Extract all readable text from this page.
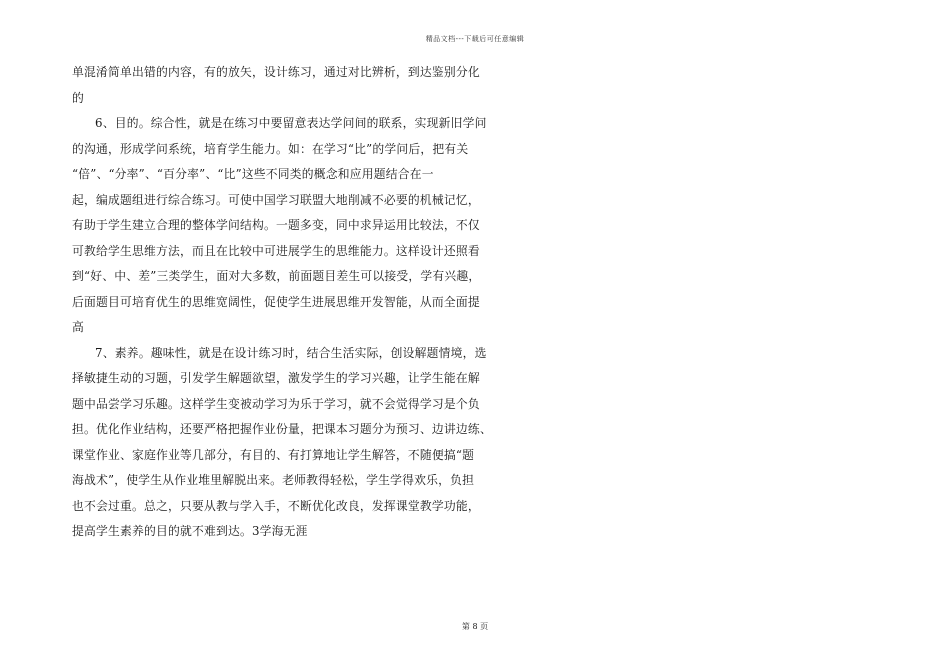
精品文档---下载后可任意编辑
单混淆简单出错的内容，有的放矢，设计练习，通过对比辨析，到达鉴别分化
的
6、目的。综合性，就是在练习中要留意表达学问间的联系，实现新旧学问
的沟通，形成学问系统，培育学生能力。如：在学习“比”的学问后，把有关
“倍”、“分率”、“百分率”、“比”这些不同类的概念和应用题结合在一
起，编成题组进行综合练习。可使中国学习联盟大地削减不必要的机械记忆，
有助于学生建立合理的整体学问结构。一题多变，同中求异运用比较法，不仅
可教给学生思维方法，而且在比较中可进展学生的思维能力。这样设计还照看
到“好、中、差”三类学生，面对大多数，前面题目差生可以接受，学有兴趣，
后面题目可培育优生的思维宽阔性，促使学生进展思维开发智能，从而全面提
高
7、素养。趣味性，就是在设计练习时，结合生活实际，创设解题情境，选
择敏捷生动的习题，引发学生解题欲望，激发学生的学习兴趣，让学生能在解
题中品尝学习乐趣。这样学生变被动学习为乐于学习，就不会觉得学习是个负
担。优化作业结构，还要严格把握作业份量，把课本习题分为预习、边讲边练、
课堂作业、家庭作业等几部分，有目的、有打算地让学生解答，不随便搞“题
海战术”，使学生从作业堆里解脱出来。老师教得轻松，学生学得欢乐，负担
也不会过重。总之，只要从教与学入手，不断优化改良，发挥课堂教学功能，
提高学生素养的目的就不难到达。3学海无涯
第 8 页
